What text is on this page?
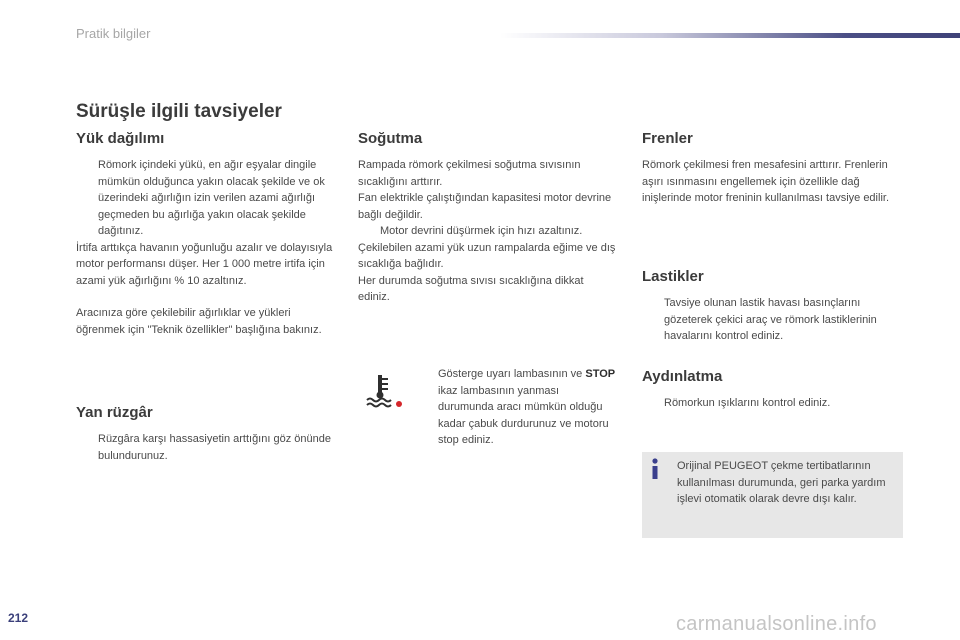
Pratik bilgiler
Sürüşle ilgili tavsiyeler
Yük dağılımı
Römork içindeki yükü, en ağır eşyalar dingile mümkün olduğunca yakın olacak şekilde ve ok üzerindeki ağırlığın izin verilen azami ağırlığı geçmeden bu ağırlığa yakın olacak şekilde dağıtınız.

İrtifa arttıkça havanın yoğunluğu azalır ve dolayısıyla motor performansı düşer. Her 1 000 metre irtifa için azami yük ağırlığını % 10 azaltınız.

Aracınıza göre çekilebilir ağırlıklar ve yükleri öğrenmek için "Teknik özellikler" başlığına bakınız.

Yan rüzgâr
Rüzgâra karşı hassasiyetin arttığını göz önünde bulundurunuz.
Soğutma

Rampada römork çekilmesi soğutma sıvısının sıcaklığını arttırır.

Fan elektrikle çalıştığından kapasitesi motor devrine bağlı değildir.

Motor devrini düşürmek için hızı azaltınız.

Çekilebilen azami yük uzun rampalarda eğime ve dış sıcaklığa bağlıdır.

Her durumda soğutma sıvısı sıcaklığına dikkat ediniz.

Gösterge uyarı lambasının ve STOP ikaz lambasının yanması durumunda aracı mümkün olduğu kadar çabuk durdurunuz ve motoru stop ediniz.
Frenler

Römork çekilmesi fren mesafesini arttırır. Frenlerin aşırı ısınmasını engellemek için özellikle dağ inişlerinde motor freninin kullanılması tavsiye edilir.

Lastikler
Tavsiye olunan lastik havası basınçlarını gözeterek çekici araç ve römork lastiklerinin havalarını kontrol ediniz.
Aydınlatma
Römorkun ışıklarını kontrol ediniz.
Orijinal PEUGEOT çekme tertibatlarının kullanılması durumunda, geri parka yardım işlevi otomatik olarak devre dışı kalır.
212	carmanualsonline.info
